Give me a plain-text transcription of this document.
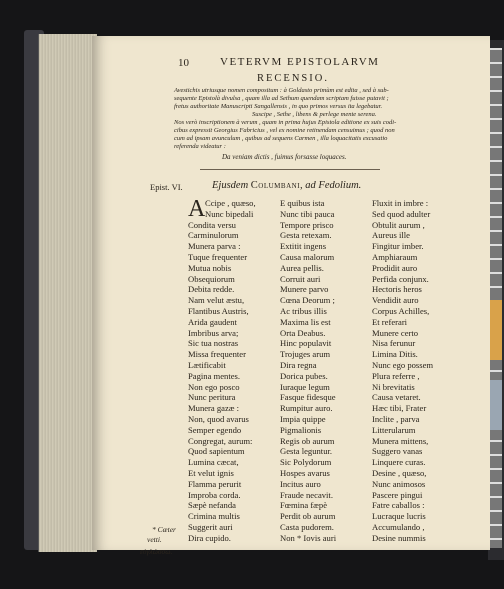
10	VETERVM EPISTOLARVM
RECENSIO.
Avestichis utriusque nomen compositum : à Goldasto primùm est edita , sed à sub-
sequente Epistolà divulsa , quam illa ad Sethum quendam scriptam fuisse putavit ;
fretus authoritate Manuscripti Sangallensis , in quo primos versus ita legebatur.
Suscipe , Sethe , libens & perlege mente serena.
Nos verò inscriptionem à verum , quam in prima hujus Epistola editione ex suis codi-
cibus expressit Georgius Fabricius , vel ex nomine retinendam censuimus ; quod non
cum ad ipsam avunculum , quibus ad sequens Carmen , illa loquacitatis excusatio
referenda videatur :
Da veniam dictis , fuimus forsasse loquaces.
Epist. VI.	Ejusdem Columbani, ad Fedolium.
A Ccipe , quæso,
Nunc bipedali
Condita versu
Carminulorum
Munera parva :
Tuque frequenter
Mutua nobis
Obsequiorum
Debita redde.
Nam velut æstu,
Flantibus Austris,
Arida gaudent
Imbribus arva;
Sic tua nostras
Missa frequenter
Lætificabit
Pagina mentes.
Non ego posco
Nunc peritura
Munera gazæ :
Non, quod avarus
Semper egendo
Congregat, aurum:
Quod sapientum
Lumina cæcat,
Et velut ignis
Flamma perurit
Improba corda.
Sæpè nefanda
Crimina multis
Suggerit auri
Dira cupido.
E quibus ista
Nunc tibi pauca
Tempore prisco
Gesta retexam.
Extitit ingens
Causa malorum
Aurea pellis.
Corruit auri
Munere parvo
Cœna Deorum ;
Ac tribus illis
Maxima lis est
Orta Deabus.
Hinc populavit
Trojuges arum
Dira regna
Dorica pubes.
Iuraque legum
Fasque fidesque
Rumpitur auro.
Impia quippe
Pigmalionis
Regis ob aurum
Gesta leguntur.
Sic Polydorum
Hospes avarus
Incitus auro
Fraude necavit.
Fœmina fæpè
Perdit ob aurum
Casta pudorem.
Non * Iovis auri
Fluxit in imbre :
Sed quod adulter
Obtulit aurum ,
Aureus ille
Fingitur imber.
Amphiaraum
Prodidit auro
Perfida conjunx.
Hectoris heros
Vendidit auro
Corpus Achilles,
Et referari
Munere certo
Nisa ferunur
Limina Ditis.
Nunc ego possem
Plura referre ,
Ni brevitatis
Causa vetaret.
Hæc tibi, Frater
Inclite , parva
Litterularum
Munera mittens,
Suggero vanas
Linquere curas.
Desine , quæso,
Nunc animosos
Pascere pingui
Fatre caballos :
Lucraque lucris
Accumulando ,
Desine nummis
* Cæter
vetti.
εὐγλώσσω.
